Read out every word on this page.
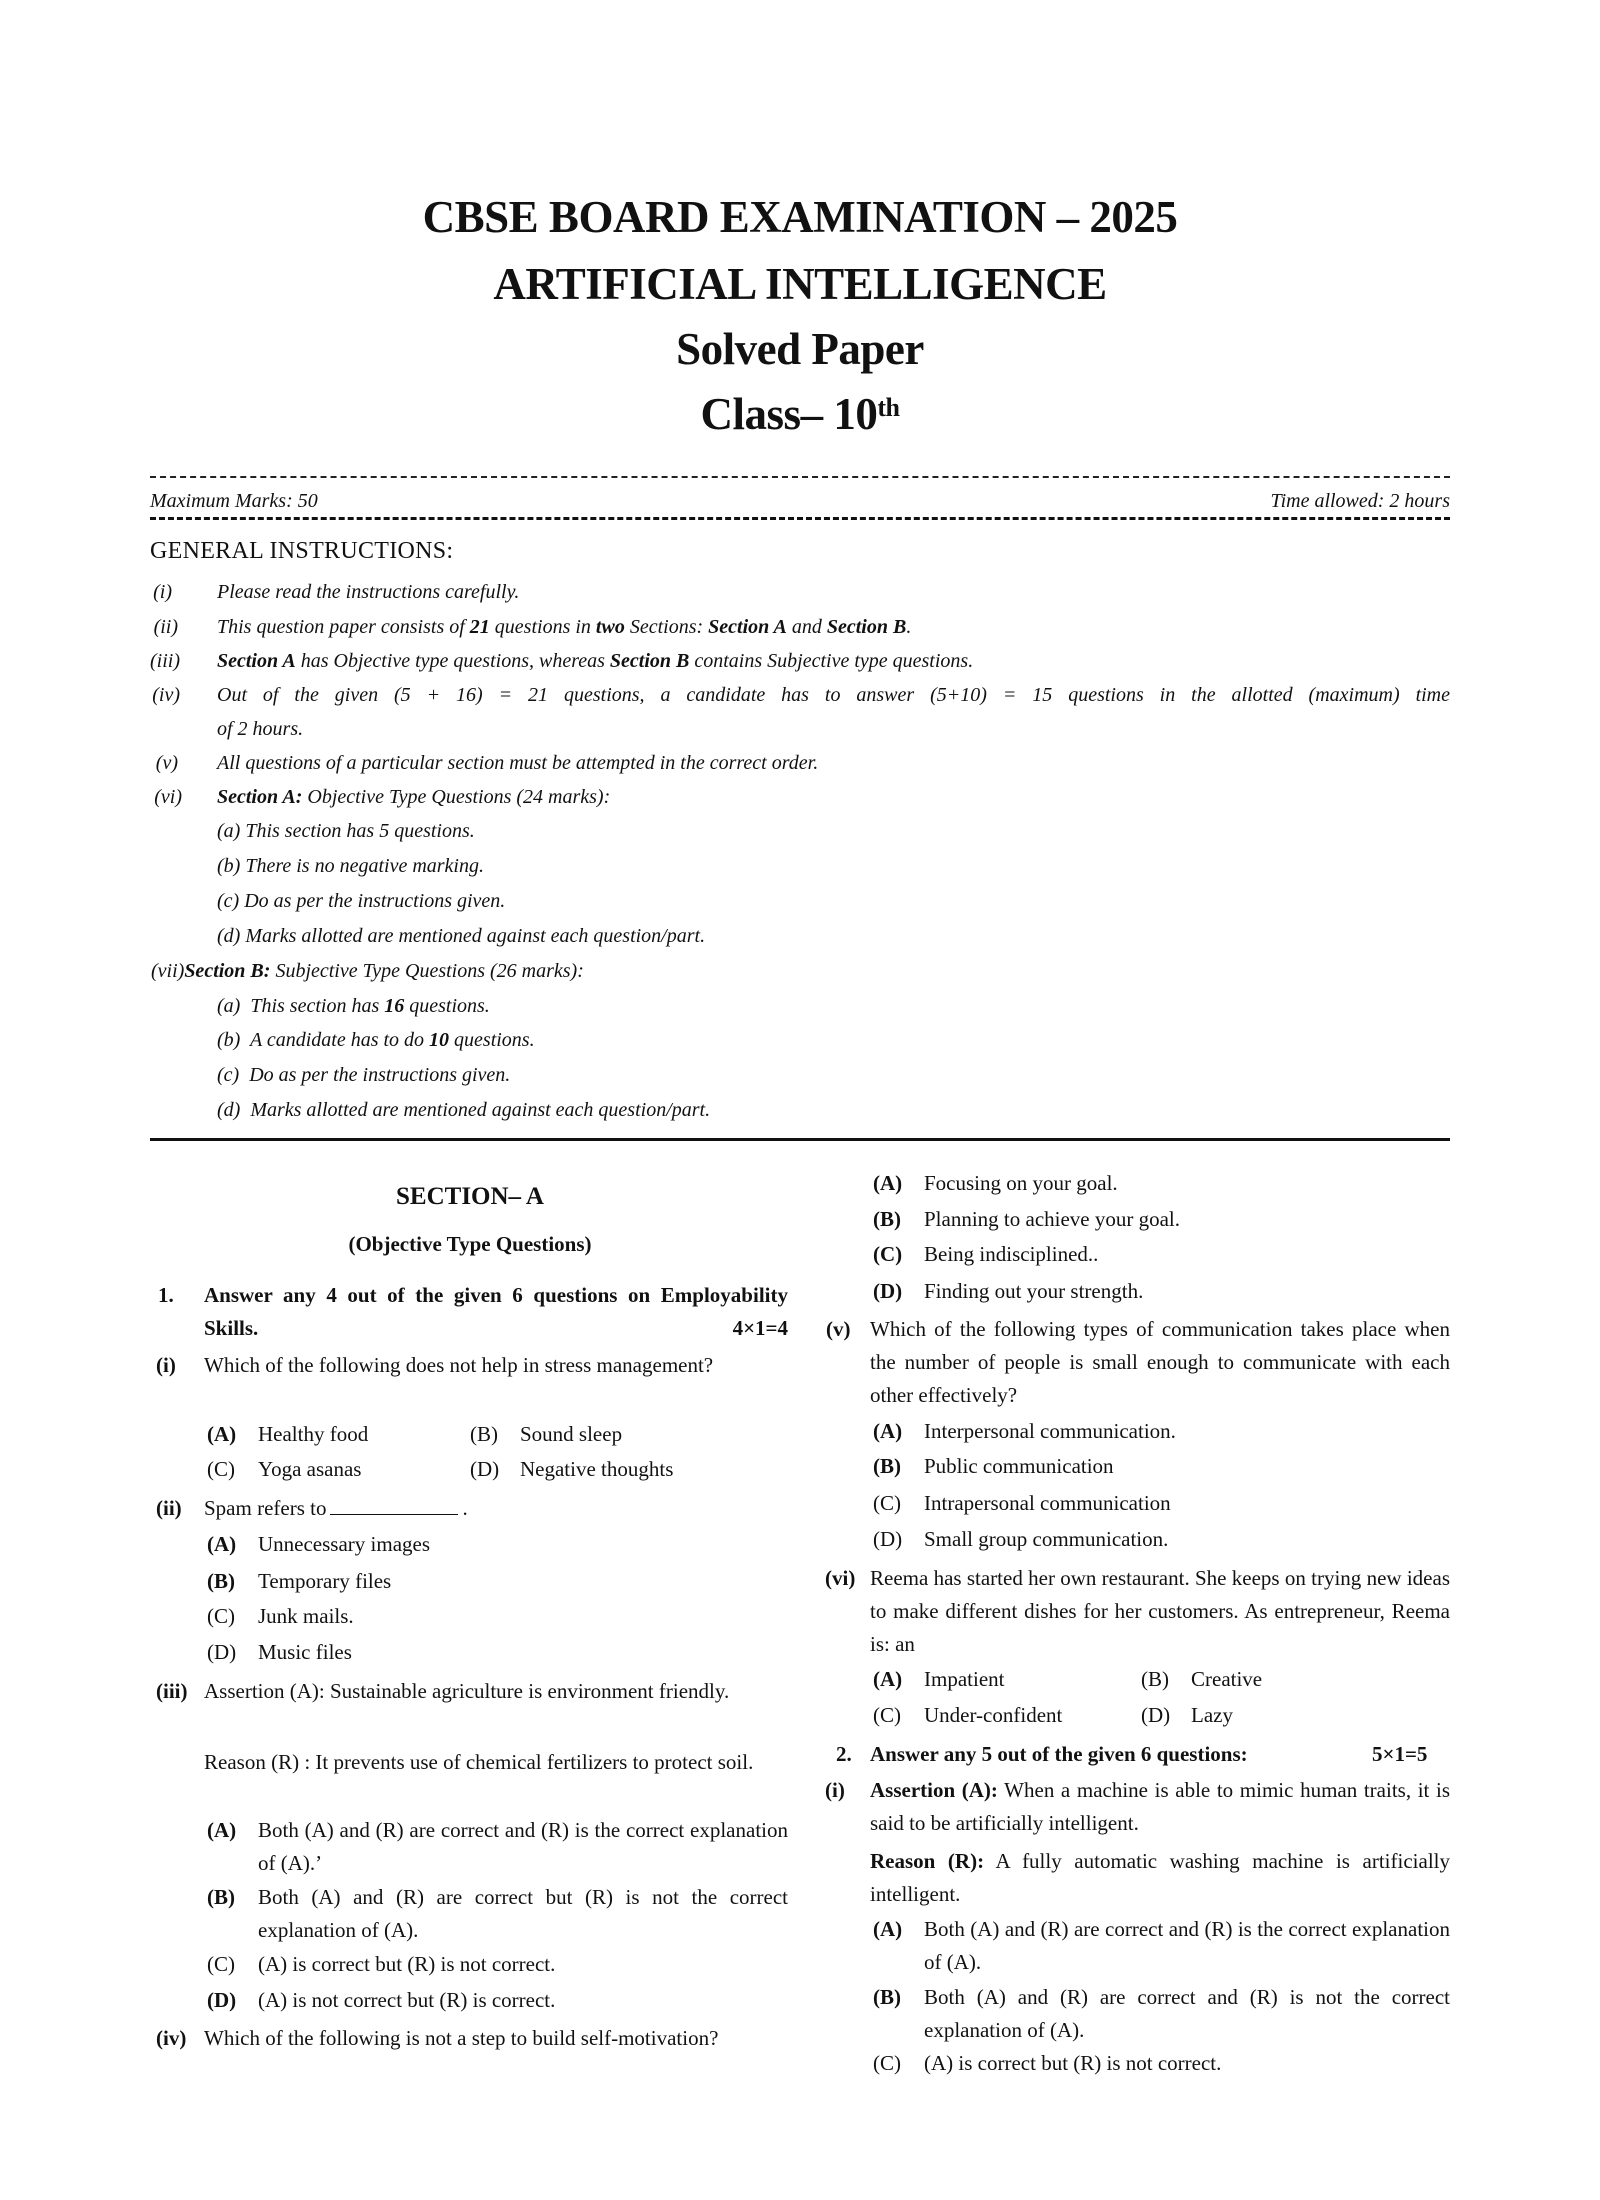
CBSE BOARD EXAMINATION – 2025
ARTIFICIAL INTELLIGENCE
Solved Paper
Class– 10th
Maximum Marks: 50	Time allowed: 2 hours
GENERAL INSTRUCTIONS:
(i) Please read the instructions carefully.
(ii) This question paper consists of 21 questions in two Sections: Section A and Section B.
(iii) Section A has Objective type questions, whereas Section B contains Subjective type questions.
(iv) Out of the given (5 + 16) = 21 questions, a candidate has to answer (5+10) = 15 questions in the allotted (maximum) time
of 2 hours.
(v) All questions of a particular section must be attempted in the correct order.
(vi) Section A: Objective Type Questions (24 marks):
(a) This section has 5 questions.
(b) There is no negative marking.
(c) Do as per the instructions given.
(d) Marks allotted are mentioned against each question/part.
(vii)Section B: Subjective Type Questions (26 marks):
(a) This section has 16 questions.
(b) A candidate has to do 10 questions.
(c) Do as per the instructions given.
(d) Marks allotted are mentioned against each question/part.
SECTION– A
(Objective Type Questions)
1. Answer any 4 out of the given 6 questions on Employability Skills.	4×1=4
(i) Which of the following does not help in stress management?
(A) Healthy food	(B) Sound sleep
(C) Yoga asanas	(D) Negative thoughts
(ii) Spam refers to	.
(A) Unnecessary images
(B) Temporary files
(C) Junk mails.
(D) Music files
(iii) Assertion (A): Sustainable agriculture is environment friendly.
Reason (R) : It prevents use of chemical fertilizers to protect soil.
(A) Both (A) and (R) are correct and (R) is the correct explanation of (A).’
(B) Both (A) and (R) are correct but (R) is not the correct explanation of (A).
(C) (A) is correct but (R) is not correct.
(D) (A) is not correct but (R) is correct.
(iv) Which of the following is not a step to build self-motivation?
(A) Focusing on your goal.
(B) Planning to achieve your goal.
(C) Being indisciplined..
(D) Finding out your strength.
(v) Which of the following types of communication takes place when the number of people is small enough to communicate with each other effectively?
(A) Interpersonal communication.
(B) Public communication
(C) Intrapersonal communication
(D) Small group communication.
(vi) Reema has started her own restaurant. She keeps on trying new ideas to make different dishes for her customers. As entrepreneur, Reema is: an
(A) Impatient	(B) Creative
(C) Under-confident	(D) Lazy
2. Answer any 5 out of the given 6 questions:	5×1=5
(i) Assertion (A): When a machine is able to mimic human traits, it is said to be artificially intelligent.
Reason (R): A fully automatic washing machine is artificially intelligent.
(A) Both (A) and (R) are correct and (R) is the correct explanation of (A).
(B) Both (A) and (R) are correct and (R) is not the correct explanation of (A).
(C) (A) is correct but (R) is not correct.
